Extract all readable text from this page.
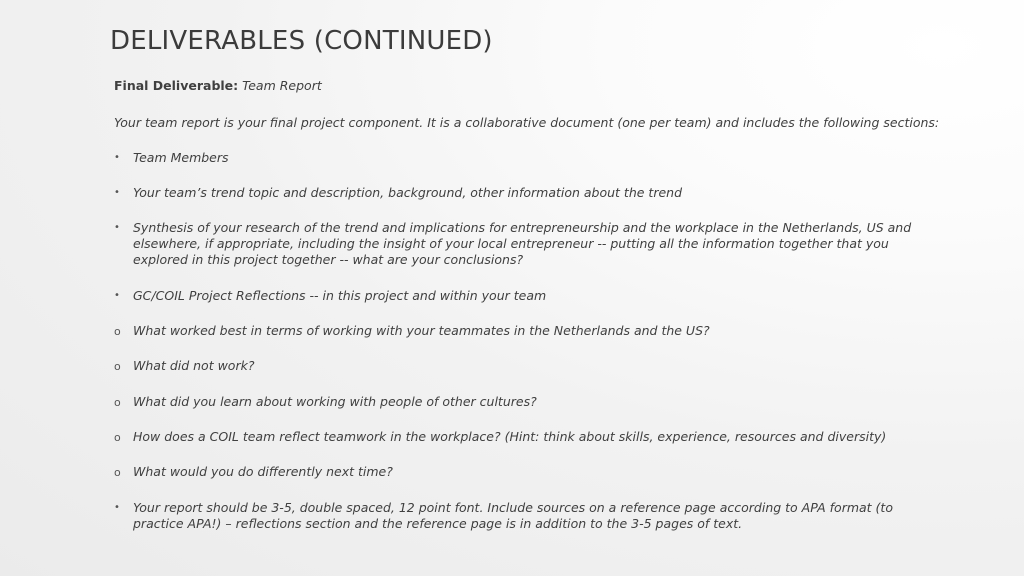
DELIVERABLES (CONTINUED)

Final Deliverable: Team Report

Your team report is your final project component. It is a collaborative document (one per team) and includes the following sections:

•	Team Members
•	Your team’s trend topic and description, background, other information about the trend
•	Synthesis of your research of the trend and implications for entrepreneurship and the workplace in the Netherlands, US and elsewhere, if appropriate, including the insight of your local entrepreneur -- putting all the information together that you explored in this project together -- what are your conclusions?
•	GC/COIL Project Reflections -- in this project and within your team
o What worked best in terms of working with your teammates in the Netherlands and the US?
o What did not work?
o What did you learn about working with people of other cultures?
o How does a COIL team reflect teamwork in the workplace? (Hint: think about skills, experience, resources and diversity)
o What would you do differently next time?
•	Your report should be 3-5, double spaced, 12 point font. Include sources on a reference page according to APA format (to practice APA!) – reflections section and the reference page is in addition to the 3-5 pages of text.
